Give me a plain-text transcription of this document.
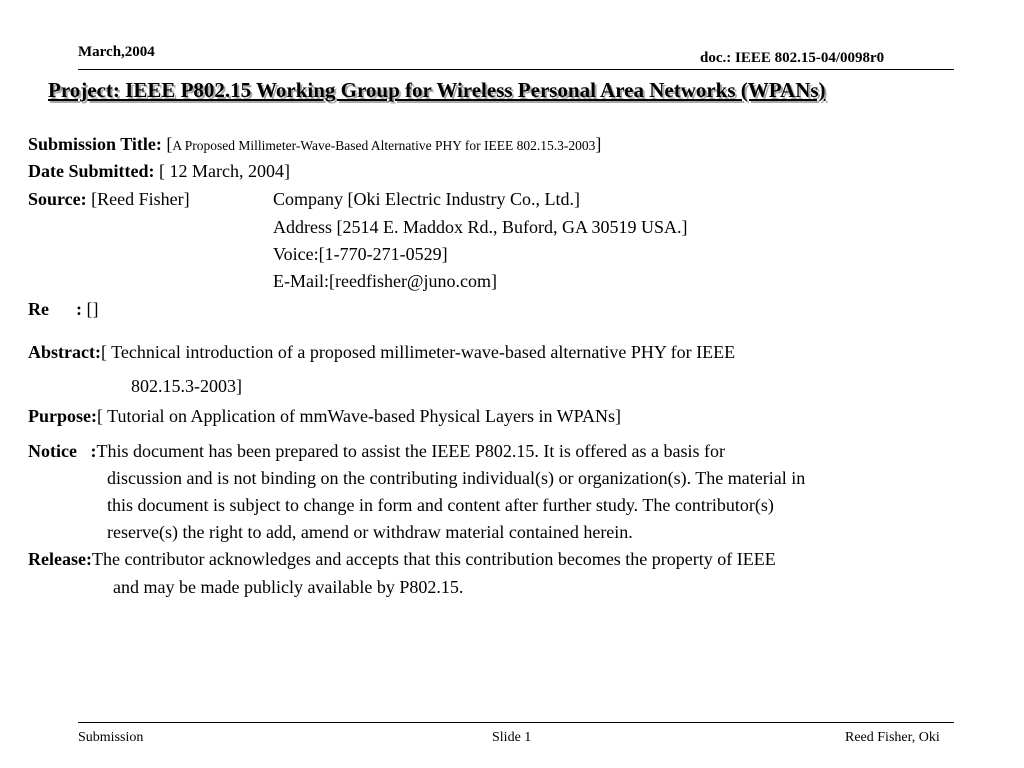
March,2004	doc.: IEEE 802.15-04/0098r0
Project: IEEE P802.15 Working Group for Wireless Personal Area Networks (WPANs)
Submission Title: [A Proposed Millimeter-Wave-Based Alternative PHY for IEEE 802.15.3-2003]
Date Submitted: [ 12 March, 2004]
Source: [Reed Fisher]	Company [Oki Electric Industry Co., Ltd.]
Address [2514 E. Maddox Rd., Buford, GA 30519 USA.]
Voice:[1-770-271-0529]
E-Mail:[reedfisher@juno.com]
Re      : []
Abstract:[ Technical introduction of a proposed millimeter-wave-based alternative PHY for IEEE
802.15.3-2003]
Purpose:[ Tutorial on Application of mmWave-based Physical Layers in WPANs]
Notice   :This document has been prepared to assist the IEEE P802.15. It is offered as a basis for
discussion and is not binding on the contributing individual(s) or organization(s). The material in
this document is subject to change in form and content after further study. The contributor(s)
reserve(s) the right to add, amend or withdraw material contained herein.
Release:The contributor acknowledges and accepts that this contribution becomes the property of IEEE
and may be made publicly available by P802.15.
Submission	Slide 1	Reed Fisher, Oki
